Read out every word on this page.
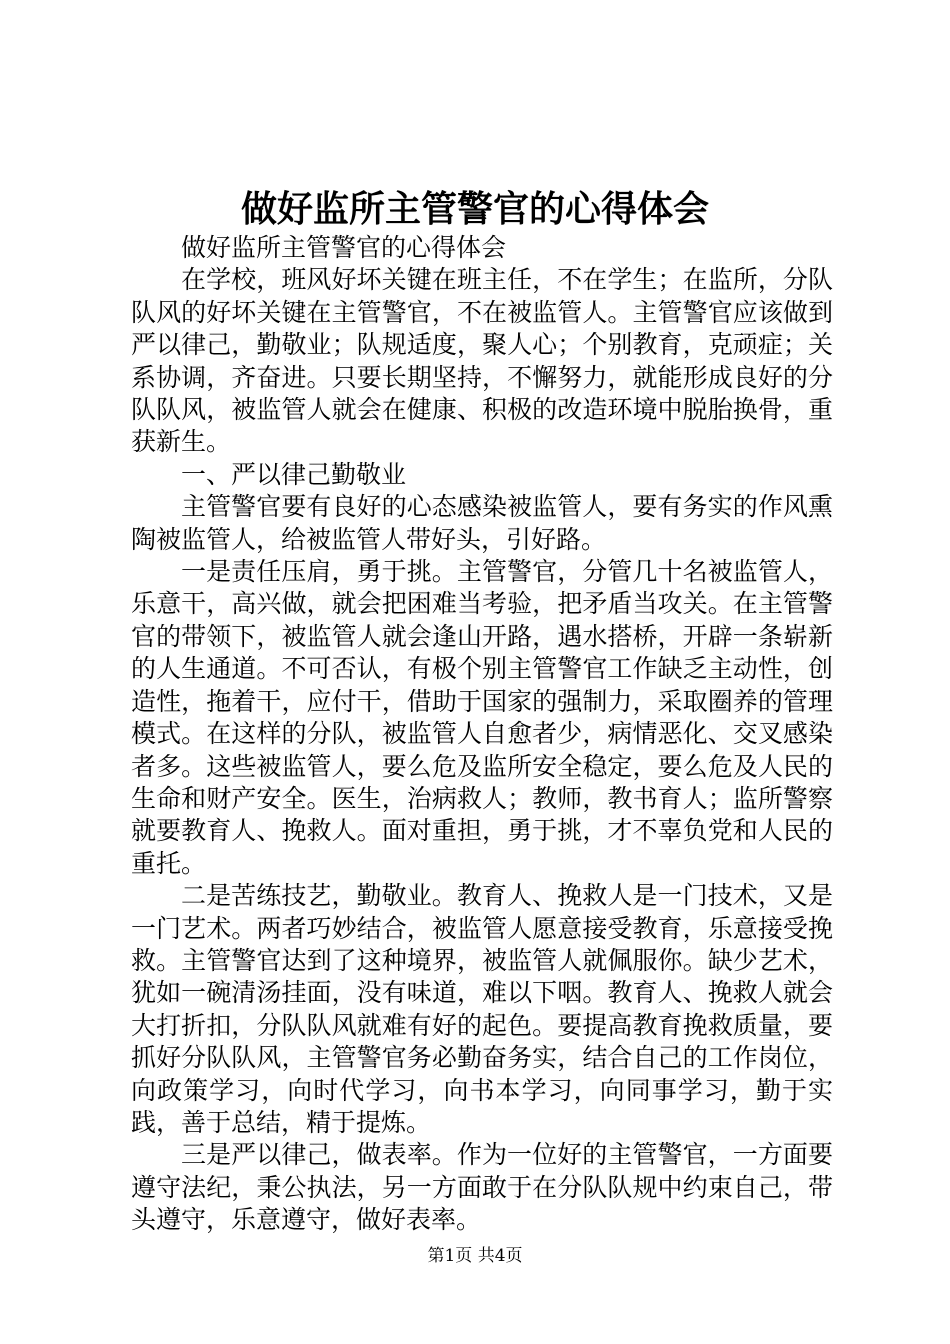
做好监所主管警官的心得体会

做好监所主管警官的心得体会

在学校，班风好坏关键在班主任，不在学生；在监所，分队队风的好坏关键在主管警官，不在被监管人。主管警官应该做到严以律己，勤敬业；队规适度，聚人心；个别教育，克顽症；关系协调，齐奋进。只要长期坚持，不懈努力，就能形成良好的分队队风，被监管人就会在健康、积极的改造环境中脱胎换骨，重获新生。

一、严以律己勤敬业

主管警官要有良好的心态感染被监管人，要有务实的作风熏陶被监管人，给被监管人带好头，引好路。

一是责任压肩，勇于挑。主管警官，分管几十名被监管人，乐意干，高兴做，就会把困难当考验，把矛盾当攻关。在主管警官的带领下，被监管人就会逢山开路，遇水搭桥，开辟一条崭新的人生通道。不可否认，有极个别主管警官工作缺乏主动性，创造性，拖着干，应付干，借助于国家的强制力，采取圈养的管理模式。在这样的分队，被监管人自愈者少，病情恶化、交叉感染者多。这些被监管人，要么危及监所安全稳定，要么危及人民的生命和财产安全。医生，治病救人；教师，教书育人；监所警察就要教育人、挽救人。面对重担，勇于挑，才不辜负党和人民的重托。

二是苦练技艺，勤敬业。教育人、挽救人是一门技术，又是一门艺术。两者巧妙结合，被监管人愿意接受教育，乐意接受挽救。主管警官达到了这种境界，被监管人就佩服你。缺少艺术，犹如一碗清汤挂面，没有味道，难以下咽。教育人、挽救人就会大打折扣，分队队风就难有好的起色。要提高教育挽救质量，要抓好分队队风，主管警官务必勤奋务实，结合自己的工作岗位，向政策学习，向时代学习，向书本学习，向同事学习，勤于实践，善于总结，精于提炼。

三是严以律己，做表率。作为一位好的主管警官，一方面要遵守法纪，秉公执法，另一方面敢于在分队队规中约束自己，带头遵守，乐意遵守，做好表率。

第1页 共4页
